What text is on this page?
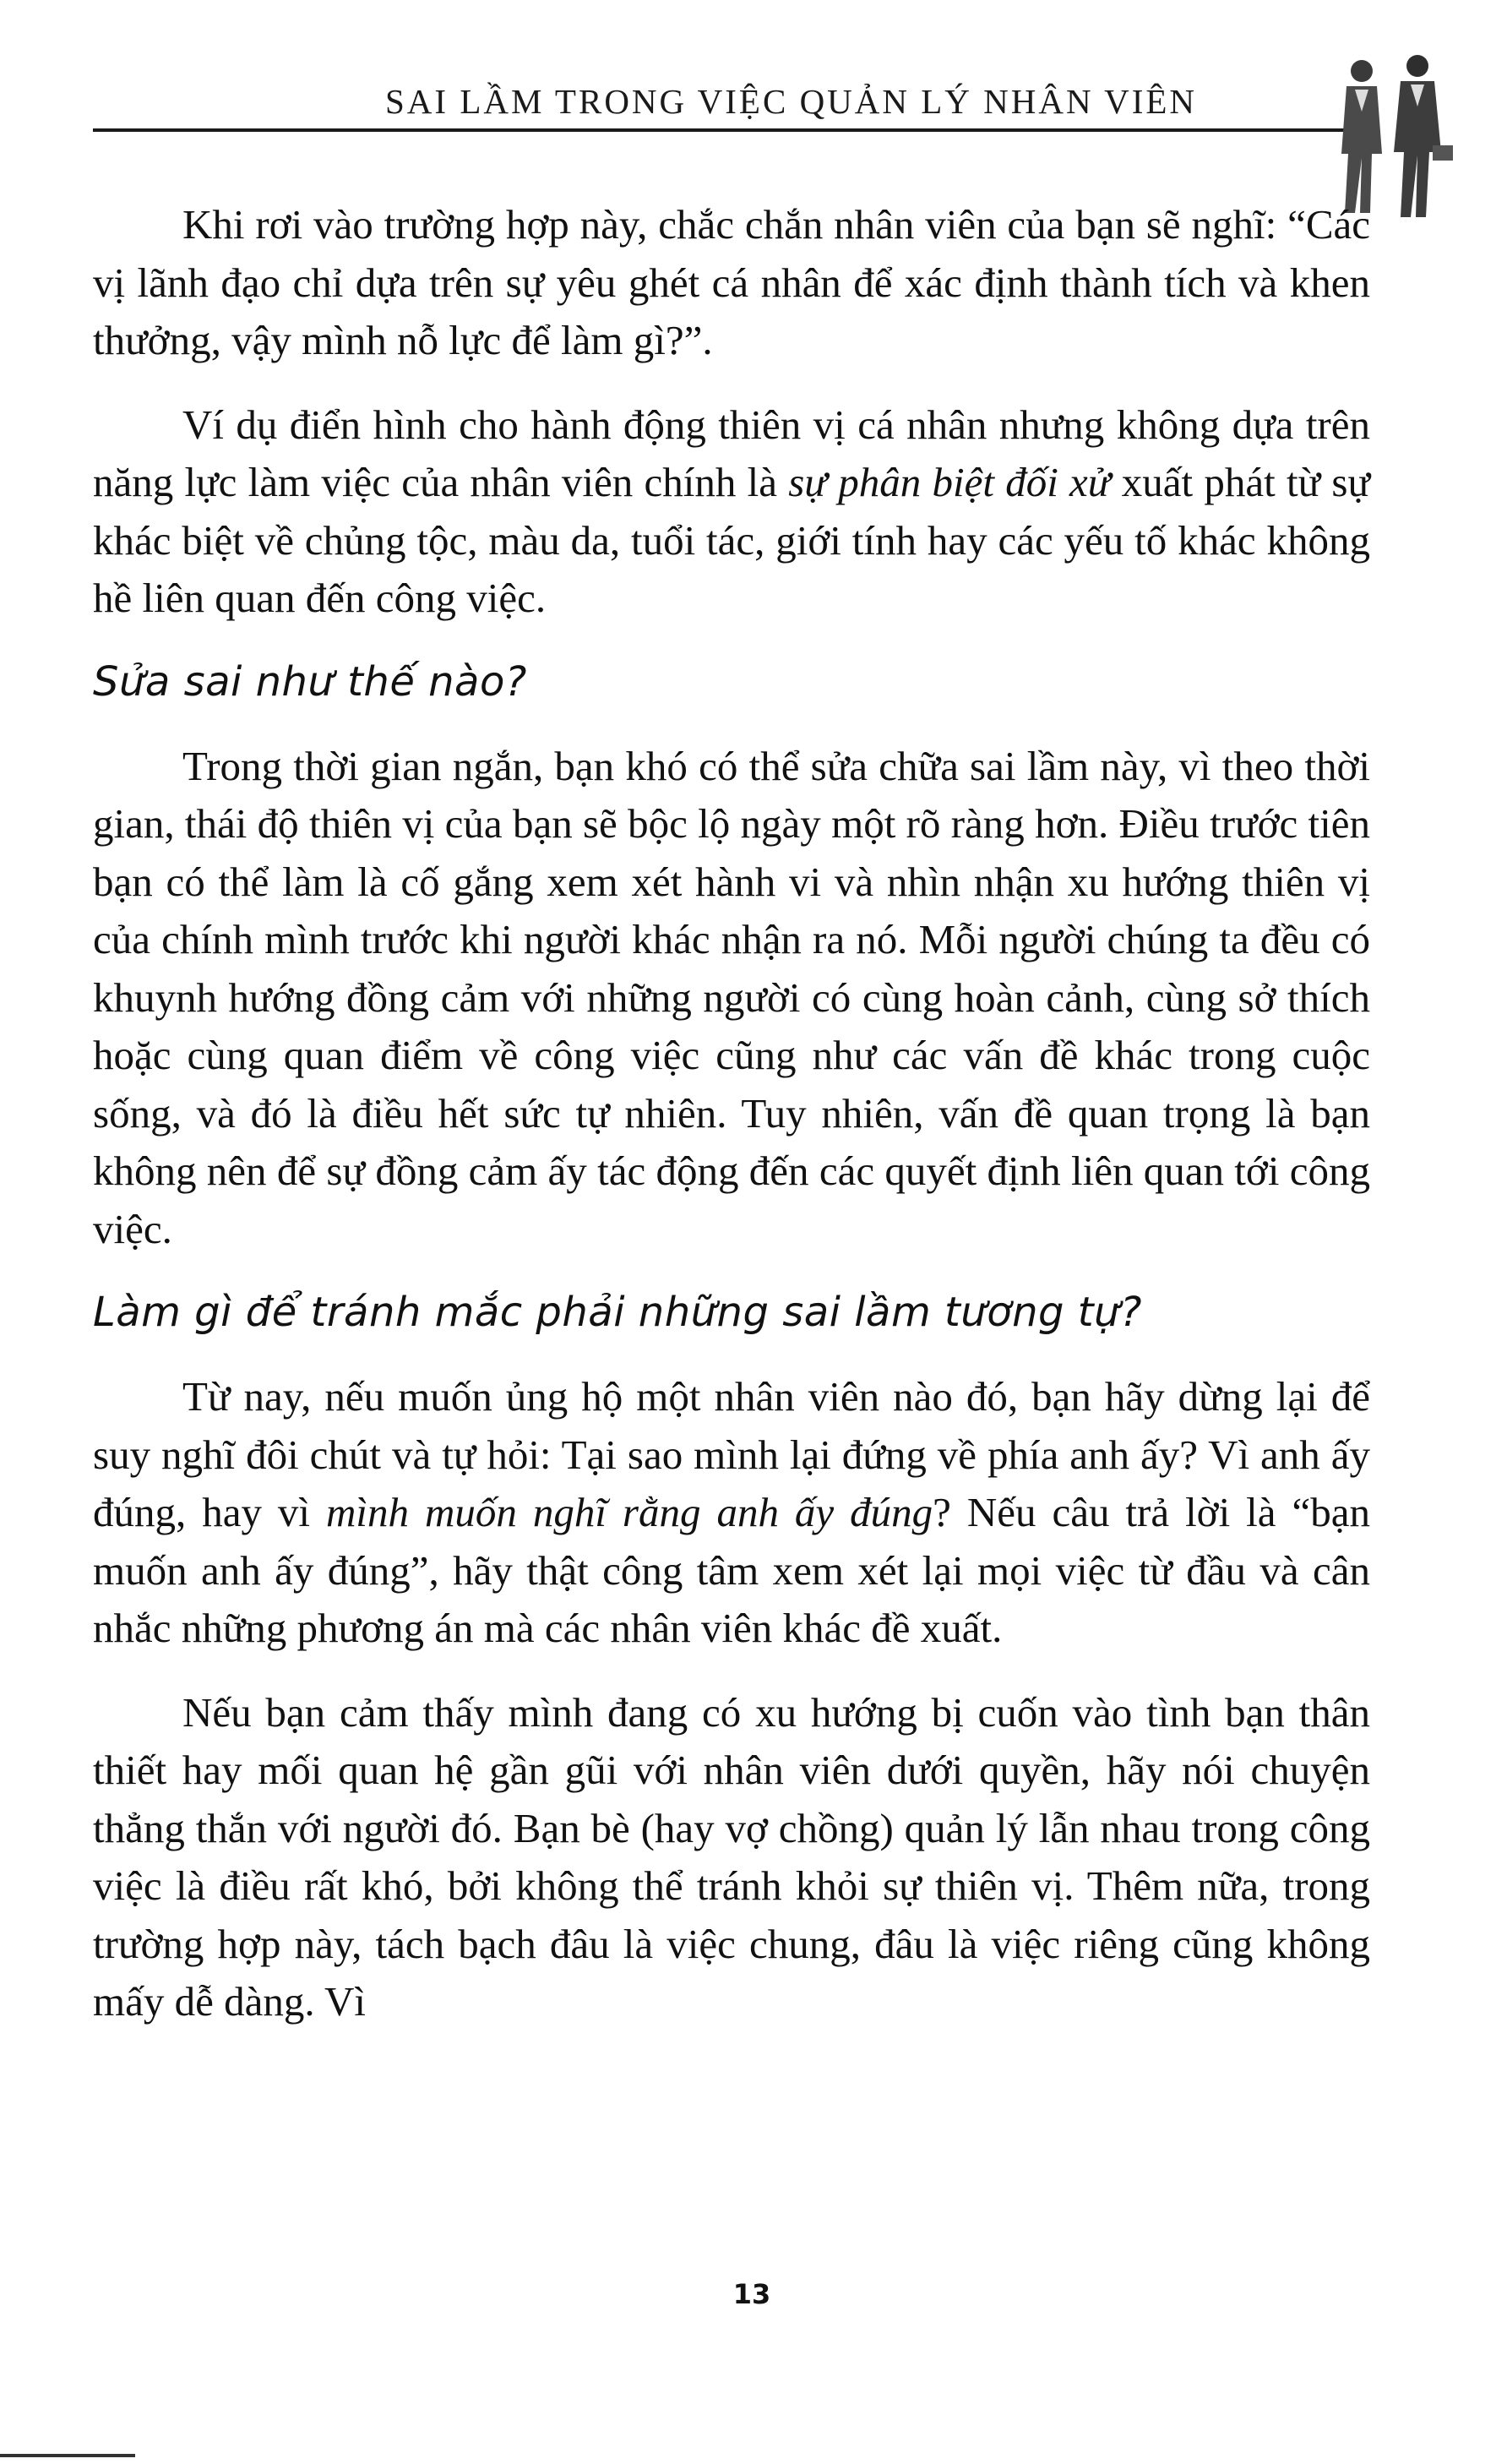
SAI LẦM TRONG VIỆC QUẢN LÝ NHÂN VIÊN

Khi rơi vào trường hợp này, chắc chắn nhân viên của bạn sẽ nghĩ: “Các vị lãnh đạo chỉ dựa trên sự yêu ghét cá nhân để xác định thành tích và khen thưởng, vậy mình nỗ lực để làm gì?”.

Ví dụ điển hình cho hành động thiên vị cá nhân nhưng không dựa trên năng lực làm việc của nhân viên chính là sự phân biệt đối xử xuất phát từ sự khác biệt về chủng tộc, màu da, tuổi tác, giới tính hay các yếu tố khác không hề liên quan đến công việc.

Sửa sai như thế nào?

Trong thời gian ngắn, bạn khó có thể sửa chữa sai lầm này, vì theo thời gian, thái độ thiên vị của bạn sẽ bộc lộ ngày một rõ ràng hơn. Điều trước tiên bạn có thể làm là cố gắng xem xét hành vi và nhìn nhận xu hướng thiên vị của chính mình trước khi người khác nhận ra nó. Mỗi người chúng ta đều có khuynh hướng đồng cảm với những người có cùng hoàn cảnh, cùng sở thích hoặc cùng quan điểm về công việc cũng như các vấn đề khác trong cuộc sống, và đó là điều hết sức tự nhiên. Tuy nhiên, vấn đề quan trọng là bạn không nên để sự đồng cảm ấy tác động đến các quyết định liên quan tới công việc.

Làm gì để tránh mắc phải những sai lầm tương tự?

Từ nay, nếu muốn ủng hộ một nhân viên nào đó, bạn hãy dừng lại để suy nghĩ đôi chút và tự hỏi: Tại sao mình lại đứng về phía anh ấy? Vì anh ấy đúng, hay vì mình muốn nghĩ rằng anh ấy đúng? Nếu câu trả lời là “bạn muốn anh ấy đúng”, hãy thật công tâm xem xét lại mọi việc từ đầu và cân nhắc những phương án mà các nhân viên khác đề xuất.

Nếu bạn cảm thấy mình đang có xu hướng bị cuốn vào tình bạn thân thiết hay mối quan hệ gần gũi với nhân viên dưới quyền, hãy nói chuyện thẳng thắn với người đó. Bạn bè (hay vợ chồng) quản lý lẫn nhau trong công việc là điều rất khó, bởi không thể tránh khỏi sự thiên vị. Thêm nữa, trong trường hợp này, tách bạch đâu là việc chung, đâu là việc riêng cũng không mấy dễ dàng. Vì

13
